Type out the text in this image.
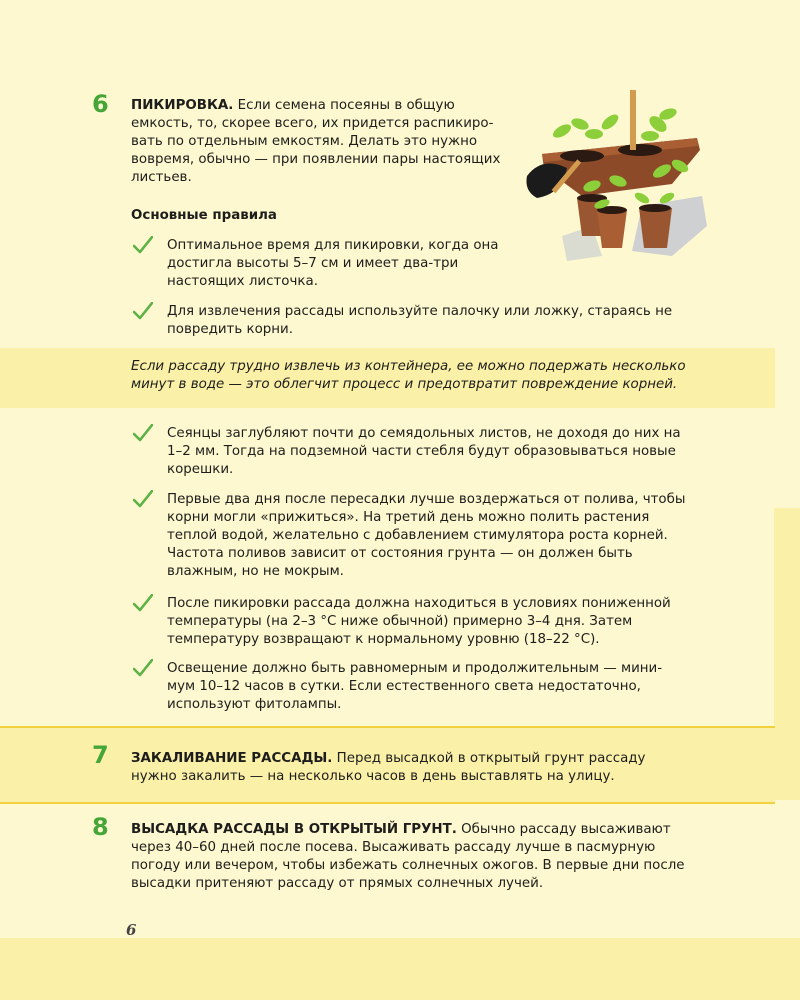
6 ПИКИРОВКА. Если семена посеяны в общую
емкость, то, скорее всего, их придется распикиро-
вать по отдельным емкостям. Делать это нужно
вовремя, обычно — при появлении пары настоящих
листьев.
Основные правила
Оптимальное время для пикировки, когда она
достигла высоты 5–7 см и имеет два-три
настоящих листочка.
Для извлечения рассады используйте палочку или ложку, стараясь не
повредить корни.
Если рассаду трудно извлечь из контейнера, ее можно подержать несколько
минут в воде — это облегчит процесс и предотвратит повреждение корней.
Сеянцы заглубляют почти до семядольных листов, не доходя до них на
1–2 мм. Тогда на подземной части стебля будут образовываться новые
корешки.
Первые два дня после пересадки лучше воздержаться от полива, чтобы
корни могли «прижиться». На третий день можно полить растения
теплой водой, желательно с добавлением стимулятора роста корней.
Частота поливов зависит от состояния грунта — он должен быть
влажным, но не мокрым.
После пикировки рассада должна находиться в условиях пониженной
температуры (на 2–3 °С ниже обычной) примерно 3–4 дня. Затем
температуру возвращают к нормальному уровню (18–22 °С).
Освещение должно быть равномерным и продолжительным — мини-
мум 10–12 часов в сутки. Если естественного света недостаточно,
используют фитолампы.
7 ЗАКАЛИВАНИЕ РАССАДЫ. Перед высадкой в открытый грунт рассаду
нужно закалить — на несколько часов в день выставлять на улицу.
8 ВЫСАДКА РАССАДЫ В ОТКРЫТЫЙ ГРУНТ. Обычно рассаду высаживают
через 40–60 дней после посева. Высаживать рассаду лучше в пасмурную
погоду или вечером, чтобы избежать солнечных ожогов. В первые дни после
высадки притеняют рассаду от прямых солнечных лучей.
6
